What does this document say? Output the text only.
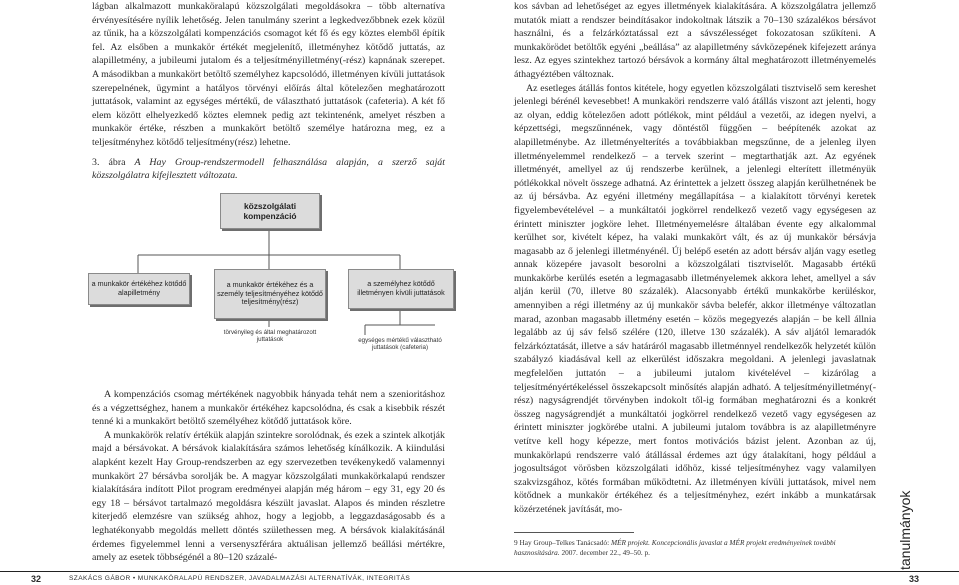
lágban alkalmazott munkaköralapú közszolgálati megoldásokra – több alternatíva érvényesítésére nyílik lehetőség. Jelen tanulmány szerint a legkedvezőbbnek ezek közül az tűnik, ha a közszolgálati kompenzációs csomagot két fő és egy köztes elemből építik fel. Az elsőben a munkakör értékét megjelenítő, illetményhez kötődő juttatás, az alapilletmény, a jubileumi jutalom és a teljesítményilletmény(-rész) kapnának szerepet. A másodikban a munkakört betöltő személyhez kapcsolódó, illetményen kívüli juttatások szerepelnének, ügymint a hatályos törvényi előírás által kötelezően meghatározott juttatások, valamint az egységes mértékű, de választható juttatások (cafeteria). A két fő elem között elhelyezkedő köztes elemnek pedig azt tekintenénk, amelyet részben a munkakör értéke, részben a munkakört betöltő személye határozna meg, ez a teljesítményhez kötődő teljesítmény(rész) lehetne.

3. ábra A Hay Group-rendszermodell felhasználása alapján, a szerző saját közszolgálatra kifejlesztett változata.

közszolgálati kompenzáció
a munkakör értékéhez kötődő alapilletmény
a munkakör értékéhez és a személy teljesítményéhez kötődő teljesítmény(rész)
a személyhez kötődő illetményen kívüli juttatások
törvényileg és által meghatározott juttatások	egységes mértékű választható juttatások (cafeteria)

A kompenzációs csomag mértékének nagyobbik hányada tehát nem a szenioritáshoz és a végzettséghez, hanem a munkakör értékéhez kapcsolódna, és csak a kisebbik részét tenné ki a munkakört betöltő személyéhez kötődő juttatások köre.

A munkakörök relatív értékük alapján szintekre sorolódnak, és ezek a szintek alkotják majd a bérsávokat. A bérsávok kialakítására számos lehetőség kínálkozik. A kiindulási alapként kezelt Hay Group-rendszerben az egy szervezetben tevékenykedő valamennyi munkakört 27 bérsávba sorolják be. A magyar közszolgálati munkakörkalapú rendszer kialakítására indított Pilot program eredményei alapján még három – egy 31, egy 20 és egy 18 – bérsávot tartalmazó megoldásra készült javaslat. Alapos és minden részletre kiterjedő elemzésre van szükség ahhoz, hogy a legjobb, a leggazdaságosabb és a leghatékonyabb megoldás mellett döntés születhessen meg. A bérsávok kialakításánál érdemes figyelemmel lenni a versenyszférára aktuálisan jellemző beállási mértékre, amely az esetek többségénél a 80–120 százalé-

kos sávban ad lehetőséget az egyes illetmények kialakítására. A közszolgálatra jellemző mutatók miatt a rendszer beindításakor indokoltnak látszik a 70–130 százalékos bérsávot használni, és a felzárkóztatással ezt a sávszélességet fokozatosan szűkíteni. A munkakörödet betöltők egyéni „beállása” az alapilletmény sávközepének kifejezett aránya lesz. Az egyes szintekhez tartozó bérsávok a kormány által meghatározott illetményemelés áthagyéztében változnak.

Az esetleges átállás fontos kitétele, hogy egyetlen közszolgálati tisztviselő sem kereshet jelenlegi bérénél kevesebbet! A munkaköri rendszerre való átállás viszont azt jelenti, hogy az olyan, eddig kötelezően adott pótlékok, mint például a vezetői, az idegen nyelvi, a képzettségi, megszűnnének, vagy döntéstől függően – beépítenék azokat az alapilletménybe. Az illetményelterítés a továbbiakban megszűnne, de a jelenleg ilyen illetményelemmel rendelkező – a tervek szerint – megtarthatják azt. Az egyének illetményét, amellyel az új rendszerbe kerülnek, a jelenlegi elterített illetményük pótlékokkal növelt összege adhatná. Az érintettek a jelzett összeg alapján kerülhetnének be az új bérsávba. Az egyéni illetmény megállapítása – a kialakított törvényi keretek figyelembevételével – a munkáltatói jogkörrel rendelkező vezető vagy egységesen az érintett miniszter jogköre lehet. Illetményemelésre általában évente egy alkalommal kerülhet sor, kivételt képez, ha valaki munkakört vált, és az új munkakör bérsávja magasabb az ő jelenlegi illetményénél. Új belépő esetén az adott bérsáv alján vagy esetleg annak közepére javasolt besorolni a közszolgálati tisztviselőt. Magasabb értékű munkakörbe kerülés esetén a legmagasabb illetményelemek akkora lehet, amellyel a sáv alján kerül (70, illetve 80 százalék). Alacsonyabb értékű munkakörbe kerüléskor, amennyiben a régi illetmény az új munkakör sávba belefér, akkor illetménye változatlan marad, azonban magasabb illetmény esetén – közös megegyezés alapján – be kell állnia legalább az új sáv felső szélére (120, illetve 130 százalék). A sáv aljától lemaradók felzárkóztatását, illetve a sáv határáról magasabb illetménnyel rendelkezők helyzetét külön szabályzó kiadásával kell az elkerülést időszakra megoldani. A jelenlegi javaslatnak megfelelően juttatón – a jubileumi jutalom kivételével – kizárólag a teljesítményértékeléssel összekapcsolt minősítés alapján adható. A teljesítményilletmény(-rész) nagyságrendjét törvényben indokolt től-ig formában meghatározni és a konkrét összeg nagyságrendjét a munkáltatói jogkörrel rendelkező vezető vagy egységesen az érintett miniszter jogkörébe utalni. A jubileumi jutalom továbbra is az alapilletményre vetítve kell hogy képezze, mert fontos motivációs bázist jelent. Azonban az új, munkakörlapú rendszerre való átállással érdemes azt úgy átalakítani, hogy például a jogosultságot vörösben közszolgálati időhöz, kissé teljesítményhez vagy valamilyen szakvizsgához, kötés formában működtetni. Az illetményen kívüli juttatások, mivel nem kötődnek a munkakör értékéhez és a teljesítményhez, ezért inkább a munkatársak közérzetének javítását, mo-

9 Hay Group–Telkes Tanácsadó: MÉR projekt. Koncepcionális javaslat a MÉR projekt eredményeinek további hasznosítására. 2007. december 22., 49–50. p.	tanulmányok
32	SZAKÁCS GÁBOR • MUNKAKÖRALAPÚ RENDSZER, JAVADALMAZÁSI ALTERNATÍVÁK, INTEGRITÁS	33
